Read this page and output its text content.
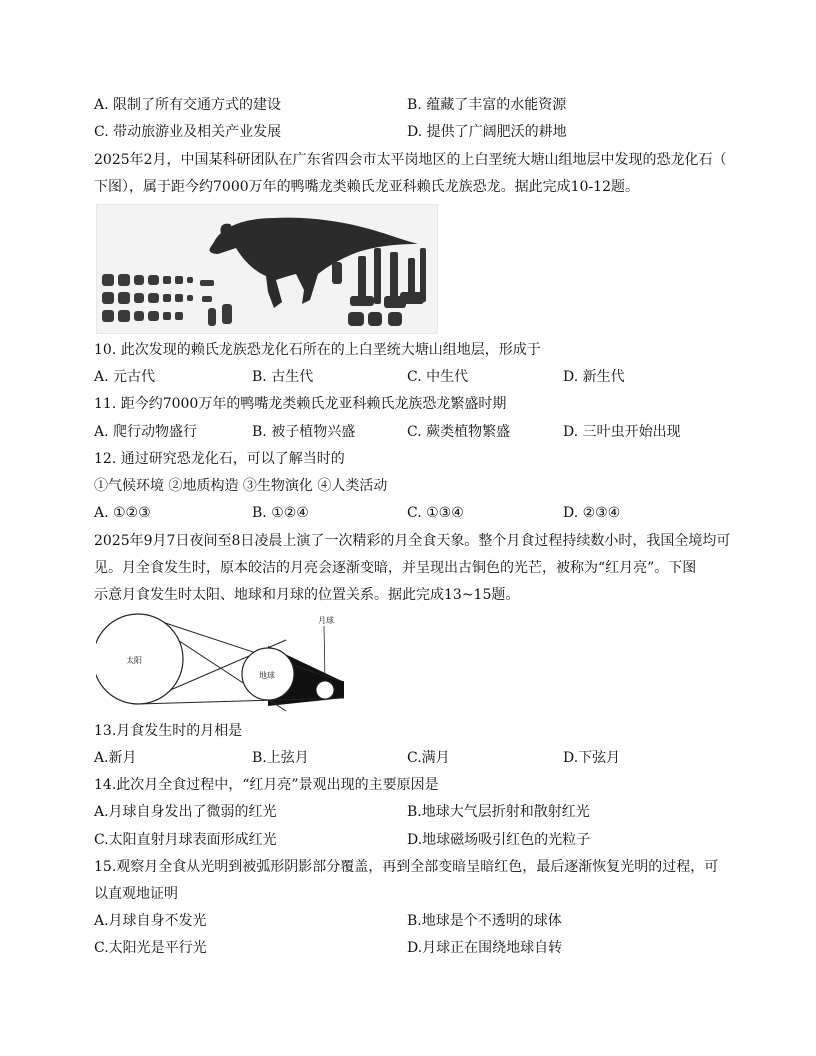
A. 限制了所有交通方式的建设	B. 蕴藏了丰富的水能资源
C. 带动旅游业及相关产业发展	D. 提供了广阔肥沃的耕地
2025年2月，中国某科研团队在广东省四会市太平岗地区的上白垩统大塘山组地层中发现的恐龙化石（
下图），属于距今约7000万年的鸭嘴龙类赖氏龙亚科赖氏龙族恐龙。据此完成10-12题。
10. 此次发现的赖氏龙族恐龙化石所在的上白垩统大塘山组地层，形成于
A. 元古代	B. 古生代	C. 中生代	D. 新生代
11. 距今约7000万年的鸭嘴龙类赖氏龙亚科赖氏龙族恐龙繁盛时期
A. 爬行动物盛行	B. 被子植物兴盛	C. 蕨类植物繁盛	D. 三叶虫开始出现
12. 通过研究恐龙化石，可以了解当时的
①气候环境 ②地质构造 ③生物演化 ④人类活动
A. ①②③	B. ①②④	C. ①③④	D. ②③④
2025年9月7日夜间至8日凌晨上演了一次精彩的月全食天象。整个月食过程持续数小时，我国全境均可
见。月全食发生时，原本皎洁的月亮会逐渐变暗，并呈现出古铜色的光芒，被称为“红月亮”。下图
示意月食发生时太阳、地球和月球的位置关系。据此完成13~15题。
太阳
地球
月球
13.月食发生时的月相是
A.新月	B.上弦月	C.满月	D.下弦月
14.此次月全食过程中，“红月亮”景观出现的主要原因是
A.月球自身发出了微弱的红光	B.地球大气层折射和散射红光
C.太阳直射月球表面形成红光	D.地球磁场吸引红色的光粒子
15.观察月全食从光明到被弧形阴影部分覆盖，再到全部变暗呈暗红色，最后逐渐恢复光明的过程，可
以直观地证明
A.月球自身不发光	B.地球是个不透明的球体
C.太阳光是平行光	D.月球正在围绕地球自转
